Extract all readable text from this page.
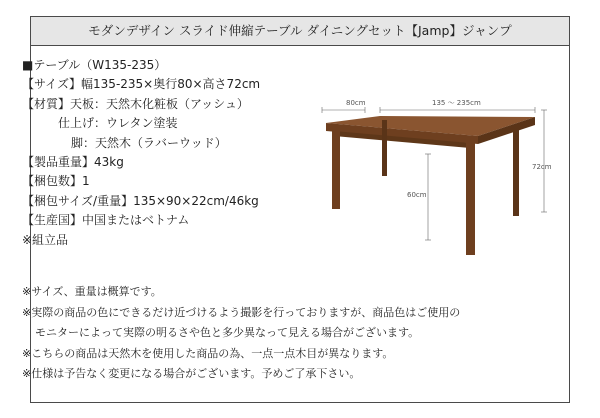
モダンデザイン スライド伸縮テーブル ダイニングセット【Jamp】ジャンプ
■ テーブル（W135-235）
【サイズ】幅135-235×奥行80×高さ72cm
【材質】天板：天然木化粧板（アッシュ）
仕上げ：ウレタン塗装
脚：天然木（ラバーウッド）
【製品重量】43kg
【梱包数】1
【梱包サイズ/重量】135×90×22cm/46kg
【生産国】中国またはベトナム
※組立品
80cm	135 〜 235cm
72cm
60cm

※サイズ、重量は概算です。

※実際の商品の色にできるだけ近づけるよう撮影を行っておりますが、商品色はご使用の

モニターによって実際の明るさや色と多少異なって見える場合がございます。

※こちらの商品は天然木を使用した商品の為、一点一点木目が異なります。

※仕様は予告なく変更になる場合がございます。予めご了承下さい。
